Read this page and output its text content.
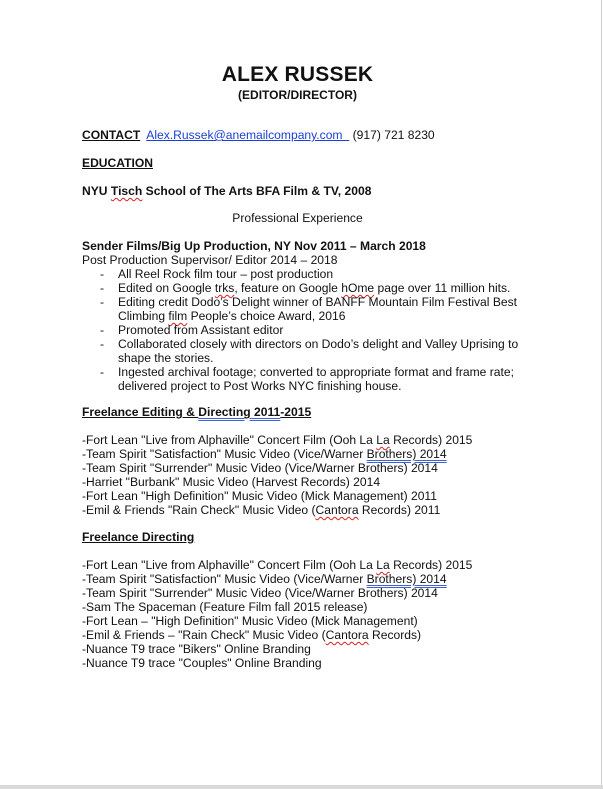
ALEX RUSSEK
(EDITOR/DIRECTOR)
CONTACT Alex.Russek@anemailcompany.com (917) 721 8230
EDUCATION
NYU Tisch School of The Arts BFA Film & TV, 2008
Professional Experience
Sender Films/Big Up Production, NY Nov 2011 – March 2018
Post Production Supervisor/ Editor 2014 – 2018
- All Reel Rock film tour – post production
- Edited on Google trks, feature on Google hOme page over 11 million hits.
- Editing credit Dodo’s Delight winner of BANFF Mountain Film Festival Best Climbing film People’s choice Award, 2016
- Promoted from Assistant editor
- Collaborated closely with directors on Dodo’s delight and Valley Uprising to shape the stories.
- Ingested archival footage; converted to appropriate format and frame rate; delivered project to Post Works NYC finishing house.
Freelance Editing & Directing 2011-2015
-Fort Lean "Live from Alphaville" Concert Film (Ooh La La Records) 2015
-Team Spirit "Satisfaction" Music Video (Vice/Warner Brothers) 2014
-Team Spirit "Surrender" Music Video (Vice/Warner Brothers) 2014
-Harriet "Burbank" Music Video (Harvest Records) 2014
-Fort Lean "High Definition" Music Video (Mick Management) 2011
-Emil & Friends "Rain Check" Music Video (Cantora Records) 2011
Freelance Directing
-Fort Lean "Live from Alphaville" Concert Film (Ooh La La Records) 2015
-Team Spirit "Satisfaction" Music Video (Vice/Warner Brothers) 2014
-Team Spirit "Surrender" Music Video (Vice/Warner Brothers) 2014
-Sam The Spaceman (Feature Film fall 2015 release)
-Fort Lean – "High Definition" Music Video (Mick Management)
-Emil & Friends – "Rain Check" Music Video (Cantora Records)
-Nuance T9 trace "Bikers" Online Branding
-Nuance T9 trace "Couples" Online Branding
